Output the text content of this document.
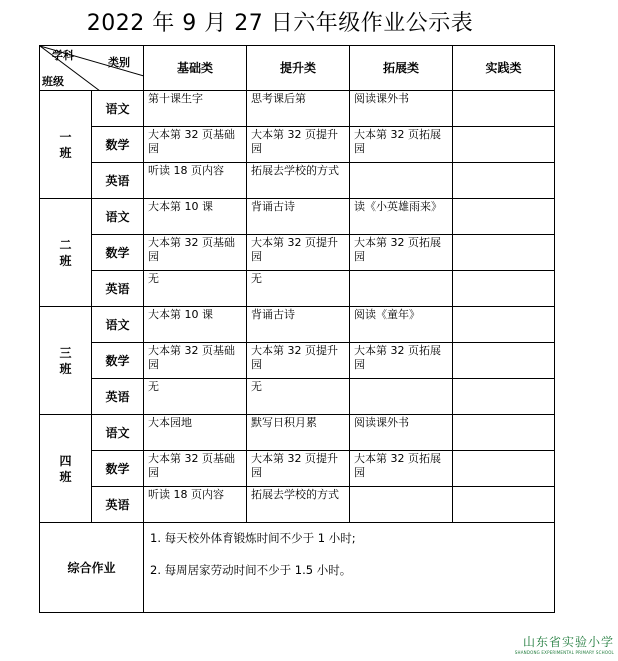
2022 年 9 月 27 日六年级作业公示表
学科
类别
班级		基础类	提升类	拓展类	实践类

一
班	语文	第十课生字	思考课后第	阅读课外书	
	数学	大本第 32 页基础园	大本第 32 页提升园	大本第 32 页拓展园	
	英语	听读 18 页内容	拓展去学校的方式		

二
班	语文	大本第 10 课	背诵古诗	读《小英雄雨来》	
	数学	大本第 32 页基础园	大本第 32 页提升园	大本第 32 页拓展园	
	英语	无	无		

三
班	语文	大本第 10 课	背诵古诗	阅读《童年》	
	数学	大本第 32 页基础园	大本第 32 页提升园	大本第 32 页拓展园	
	英语	无	无		

四
班	语文	大本园地	默写日积月累	阅读课外书	
	数学	大本第 32 页基础园	大本第 32 页提升园	大本第 32 页拓展园	
	英语	听读 18 页内容	拓展去学校的方式		
综合作业		1. 每天校外体育锻炼时间不少于 1 小时;

2. 每周居家劳动时间不少于 1.5 小时。			

山东省实验小学
SHANDONG EXPERIMENTAL PRIMARY SCHOOL
